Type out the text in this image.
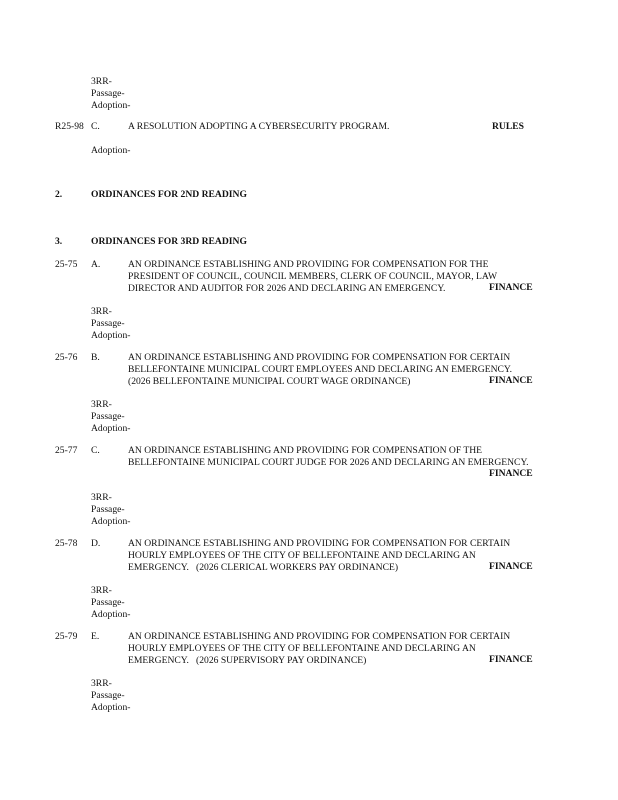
3RR-
Passage-
Adoption-
R25-98 C.	A RESOLUTION ADOPTING A CYBERSECURITY PROGRAM.	RULES
Adoption-
2.	ORDINANCES FOR 2ND READING
3.	ORDINANCES FOR 3RD READING
25-75 A.	AN ORDINANCE ESTABLISHING AND PROVIDING FOR COMPENSATION FOR THE
PRESIDENT OF COUNCIL, COUNCIL MEMBERS, CLERK OF COUNCIL, MAYOR, LAW
DIRECTOR AND AUDITOR FOR 2026 AND DECLARING AN EMERGENCY.	FINANCE
3RR-
Passage-
Adoption-
25-76 B.	AN ORDINANCE ESTABLISHING AND PROVIDING FOR COMPENSATION FOR CERTAIN
BELLEFONTAINE MUNICIPAL COURT EMPLOYEES AND DECLARING AN EMERGENCY.
(2026 BELLEFONTAINE MUNICIPAL COURT WAGE ORDINANCE)	FINANCE
3RR-
Passage-
Adoption-
25-77 C.	AN ORDINANCE ESTABLISHING AND PROVIDING FOR COMPENSATION OF THE
BELLEFONTAINE MUNICIPAL COURT JUDGE FOR 2026 AND DECLARING AN EMERGENCY.
FINANCE
3RR-
Passage-
Adoption-
25-78 D.	AN ORDINANCE ESTABLISHING AND PROVIDING FOR COMPENSATION FOR CERTAIN
HOURLY EMPLOYEES OF THE CITY OF BELLEFONTAINE AND DECLARING AN
EMERGENCY.   (2026 CLERICAL WORKERS PAY ORDINANCE)	FINANCE
3RR-
Passage-
Adoption-
25-79 E.	AN ORDINANCE ESTABLISHING AND PROVIDING FOR COMPENSATION FOR CERTAIN
HOURLY EMPLOYEES OF THE CITY OF BELLEFONTAINE AND DECLARING AN
EMERGENCY.   (2026 SUPERVISORY PAY ORDINANCE)	FINANCE
3RR-
Passage-
Adoption-
